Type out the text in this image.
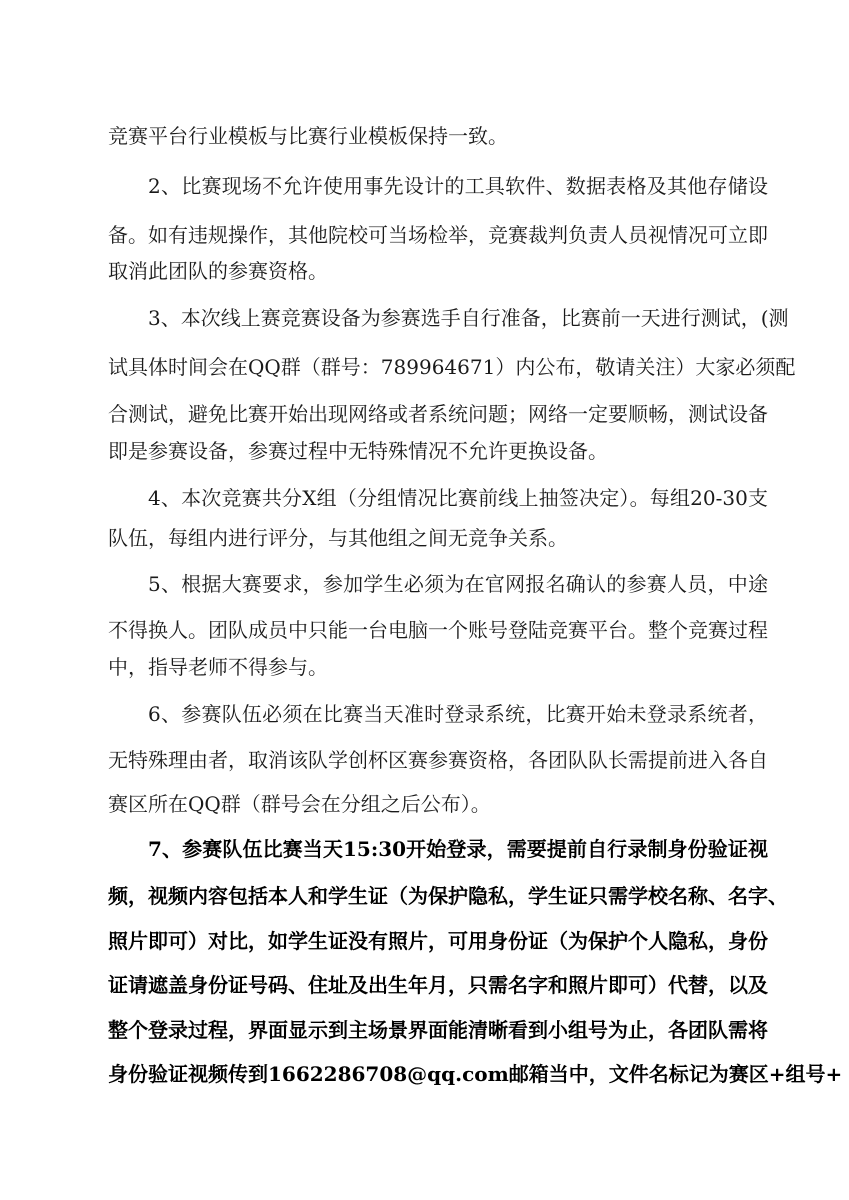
竞赛平台行业模板与比赛行业模板保持一致。
2、比赛现场不允许使用事先设计的工具软件、数据表格及其他存储设
备。如有违规操作，其他院校可当场检举，竞赛裁判负责人员视情况可立即
取消此团队的参赛资格。
3、本次线上赛竞赛设备为参赛选手自行准备，比赛前一天进行测试，(测
试具体时间会在QQ群（群号：789964671）内公布，敬请关注）大家必须配
合测试，避免比赛开始出现网络或者系统问题；网络一定要顺畅，测试设备
即是参赛设备，参赛过程中无特殊情况不允许更换设备。
4、本次竞赛共分X组（分组情况比赛前线上抽签决定）。每组20-30支
队伍，每组内进行评分，与其他组之间无竞争关系。
5、根据大赛要求，参加学生必须为在官网报名确认的参赛人员，中途
不得换人。团队成员中只能一台电脑一个账号登陆竞赛平台。整个竞赛过程
中，指导老师不得参与。
6、参赛队伍必须在比赛当天准时登录系统，比赛开始未登录系统者，
无特殊理由者，取消该队学创杯区赛参赛资格，各团队队长需提前进入各自
赛区所在QQ群（群号会在分组之后公布）。
7、参赛队伍比赛当天15:30开始登录，需要提前自行录制身份验证视
频，视频内容包括本人和学生证（为保护隐私，学生证只需学校名称、名字、
照片即可）对比，如学生证没有照片，可用身份证（为保护个人隐私，身份
证请遮盖身份证号码、住址及出生年月，只需名字和照片即可）代替，以及
整个登录过程，界面显示到主场景界面能清晰看到小组号为止，各团队需将
身份验证视频传到1662286708@qq.com邮箱当中，文件名标记为赛区+组号+
